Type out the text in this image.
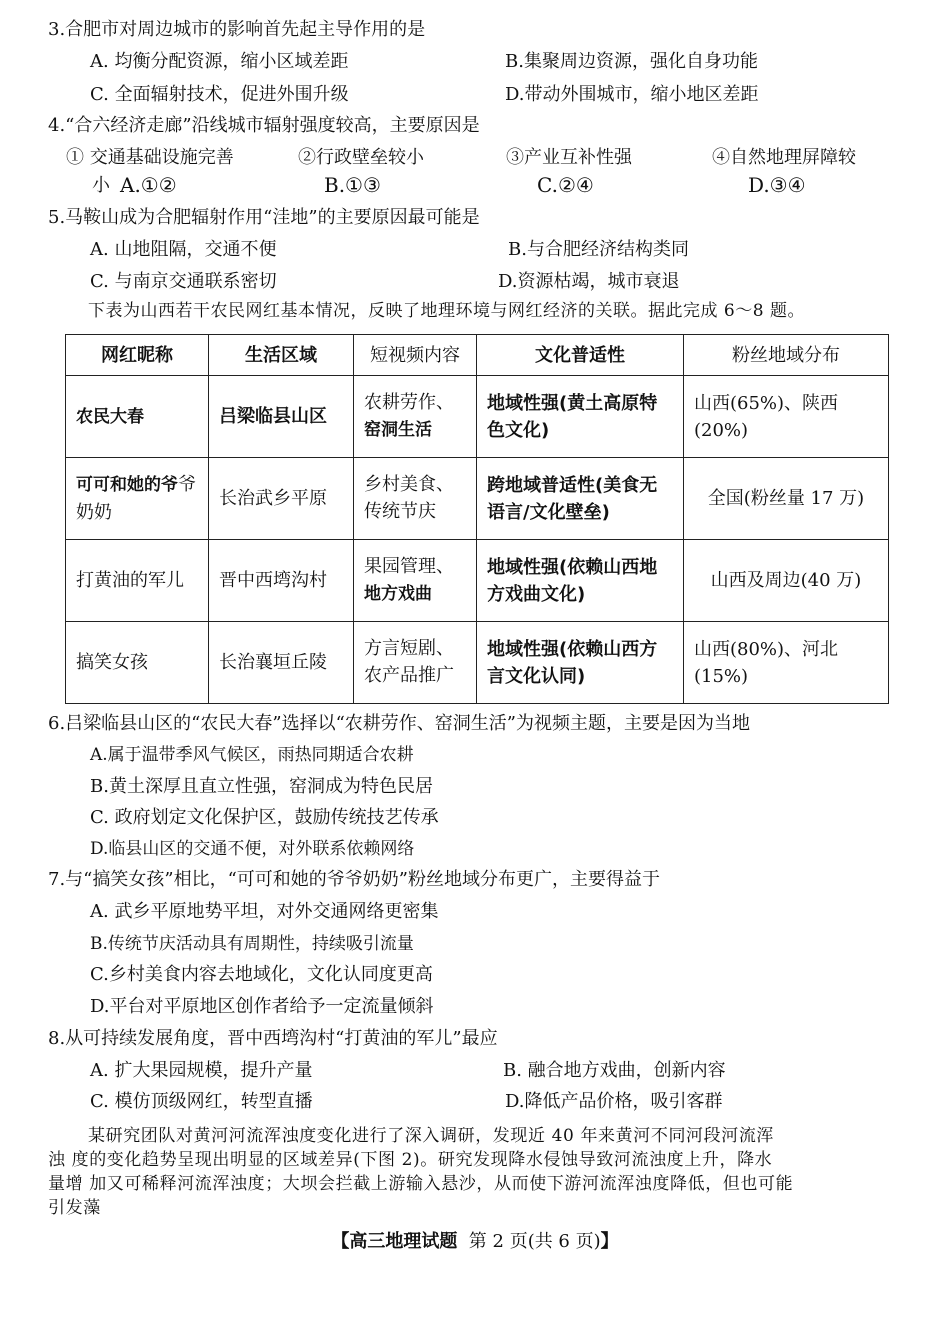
3.合肥市对周边城市的影响首先起主导作用的是
A. 均衡分配资源，缩小区域差距	B.集聚周边资源，强化自身功能
C. 全面辐射技术，促进外围升级	D.带动外围城市，缩小地区差距
4.“合六经济走廊”沿线城市辐射强度较高，主要原因是
① 交通基础设施完善	②行政壁垒较小	③产业互补性强	④自然地理屏障较
小 A.①②	B.①③	C.②④	D.③④
5.马鞍山成为合肥辐射作用“洼地”的主要原因最可能是
A. 山地阻隔，交通不便	B.与合肥经济结构类同
C. 与南京交通联系密切	D.资源枯竭，城市衰退
下表为山西若干农民网红基本情况，反映了地理环境与网红经济的关联。据此完成 6～8 题。
网红昵称	生活区域	短视频内容	文化普适性	粉丝地域分布
农民大春	吕梁临县山区	农耕劳作、窑洞生活	地域性强(黄土高原特色文化)	山西(65%)、陕西(20%)
可可和她的爷爷奶奶	长治武乡平原	乡村美食、传统节庆	跨地域普适性(美食无语言/文化壁垒)	全国(粉丝量 17 万)
打黄油的军儿	晋中西塆沟村	果园管理、地方戏曲	地域性强(依赖山西地方戏曲文化)	山西及周边(40 万)
搞笑女孩	长治襄垣丘陵	方言短剧、农产品推广	地域性强(依赖山西方言文化认同)	山西(80%)、河北(15%)
6.吕梁临县山区的“农民大春”选择以“农耕劳作、窑洞生活”为视频主题，主要是因为当地
A.属于温带季风气候区，雨热同期适合农耕
B.黄土深厚且直立性强，窑洞成为特色民居
C. 政府划定文化保护区，鼓励传统技艺传承
D.临县山区的交通不便，对外联系依赖网络
7.与“搞笑女孩”相比，“可可和她的爷爷奶奶”粉丝地域分布更广，主要得益于
A. 武乡平原地势平坦，对外交通网络更密集
B.传统节庆活动具有周期性，持续吸引流量
C.乡村美食内容去地域化，文化认同度更高
D.平台对平原地区创作者给予一定流量倾斜
8.从可持续发展角度，晋中西塆沟村“打黄油的军儿”最应
A. 扩大果园规模，提升产量	B. 融合地方戏曲，创新内容
C. 模仿顶级网红，转型直播	D.降低产品价格，吸引客群
某研究团队对黄河河流浑浊度变化进行了深入调研，发现近 40 年来黄河不同河段河流浑
浊 度的变化趋势呈现出明显的区域差异(下图 2)。研究发现降水侵蚀导致河流浊度上升，降水
量增 加又可稀释河流浑浊度；大坝会拦截上游输入悬沙，从而使下游河流浑浊度降低，但也可能
引发藻
【高三地理试题 第 2 页(共 6 页)】
